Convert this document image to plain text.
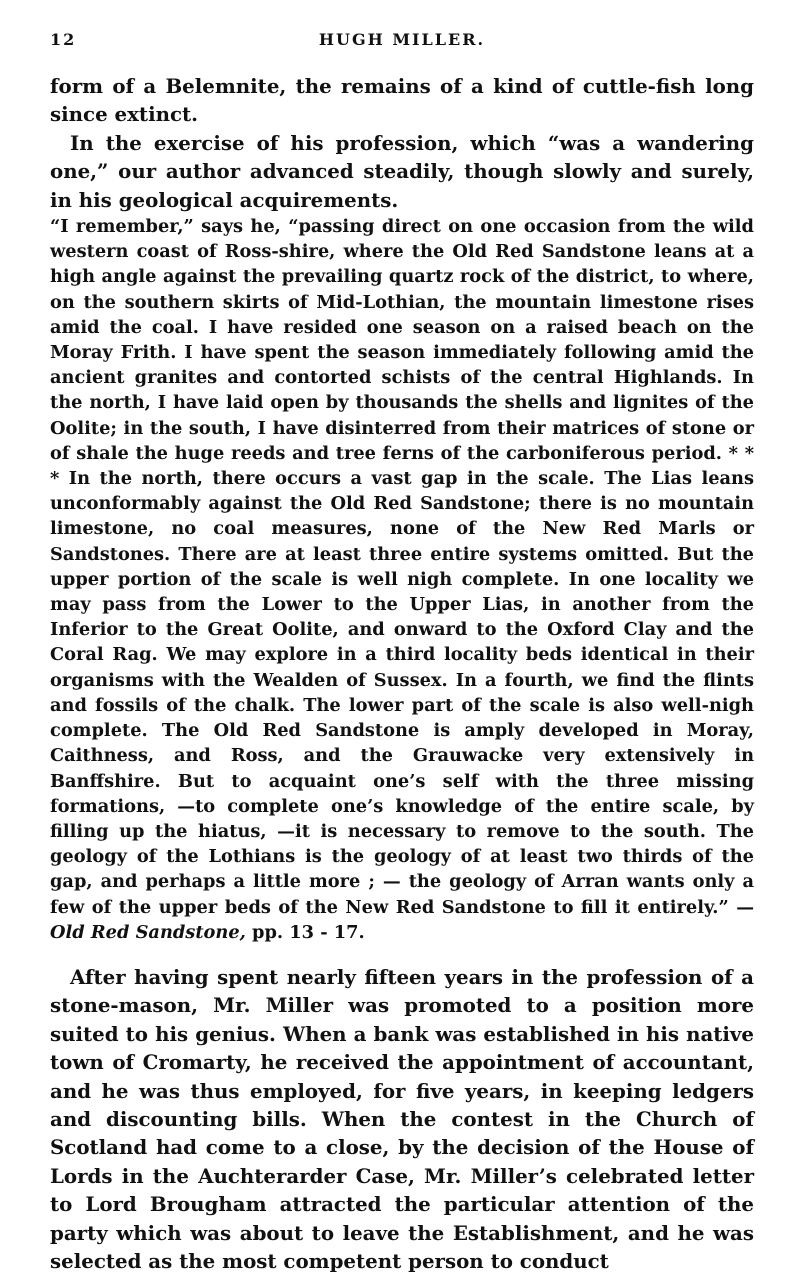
12	HUGH MILLER.

form of a Belemnite, the remains of a kind of cuttle-fish long since extinct.

In the exercise of his profession, which “was a wandering one,” our author advanced steadily, though slowly and surely, in his geological acquirements.

“I remember,” says he, “passing direct on one occasion from the wild western coast of Ross-shire, where the Old Red Sandstone leans at a high angle against the prevailing quartz rock of the district, to where, on the southern skirts of Mid-Lothian, the mountain limestone rises amid the coal. I have resided one season on a raised beach on the Moray Frith. I have spent the season immediately following amid the ancient granites and contorted schists of the central Highlands. In the north, I have laid open by thousands the shells and lignites of the Oolite; in the south, I have disinterred from their matrices of stone or of shale the huge reeds and tree ferns of the carboniferous period. * * * In the north, there occurs a vast gap in the scale. The Lias leans unconformably against the Old Red Sandstone; there is no mountain limestone, no coal measures, none of the New Red Marls or Sandstones. There are at least three entire systems omitted. But the upper portion of the scale is well nigh complete. In one locality we may pass from the Lower to the Upper Lias, in another from the Inferior to the Great Oolite, and onward to the Oxford Clay and the Coral Rag. We may explore in a third locality beds identical in their organisms with the Wealden of Sussex. In a fourth, we find the flints and fossils of the chalk. The lower part of the scale is also well-nigh complete. The Old Red Sandstone is amply developed in Moray, Caithness, and Ross, and the Grauwacke very extensively in Banffshire. But to acquaint one’s self with the three missing formations, —to complete one’s knowledge of the entire scale, by filling up the hiatus, —it is necessary to remove to the south. The geology of the Lothians is the geology of at least two thirds of the gap, and perhaps a little more ; — the geology of Arran wants only a few of the upper beds of the New Red Sandstone to fill it entirely.” — Old Red Sandstone, pp. 13 - 17.

After having spent nearly fifteen years in the profession of a stone-mason, Mr. Miller was promoted to a position more suited to his genius. When a bank was established in his native town of Cromarty, he received the appointment of accountant, and he was thus employed, for five years, in keeping ledgers and discounting bills. When the contest in the Church of Scotland had come to a close, by the decision of the House of Lords in the Auchterarder Case, Mr. Miller’s celebrated letter to Lord Brougham attracted the particular attention of the party which was about to leave the Establishment, and he was selected as the most competent person to conduct
